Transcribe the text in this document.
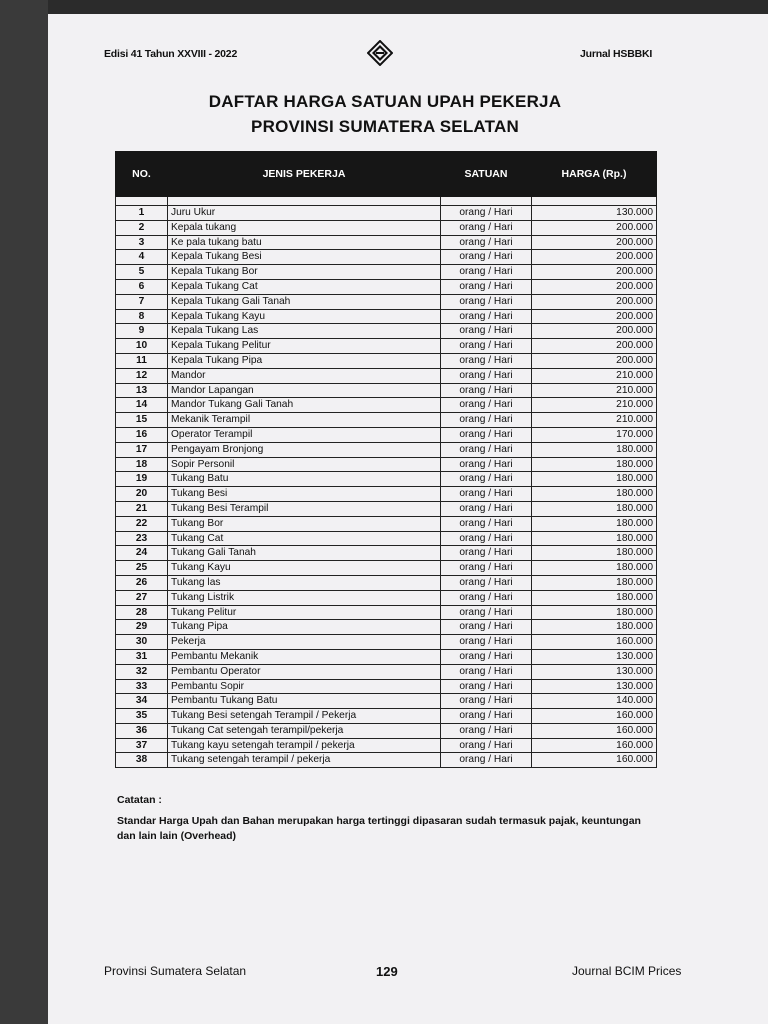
Edisi 41 Tahun XXVIII - 2022	Jurnal HSBBKI
DAFTAR HARGA SATUAN UPAH PEKERJA
PROVINSI SUMATERA SELATAN
NO.	JENIS PEKERJA	SATUAN	HARGA (Rp.)

1	Juru Ukur	orang / Hari	130.000
2	Kepala tukang	orang / Hari	200.000
3	Ke pala tukang batu	orang / Hari	200.000
4	Kepala Tukang Besi	orang / Hari	200.000
5	Kepala Tukang Bor	orang / Hari	200.000
6	Kepala Tukang Cat	orang / Hari	200.000
7	Kepala Tukang Gali Tanah	orang / Hari	200.000
8	Kepala Tukang Kayu	orang / Hari	200.000
9	Kepala Tukang Las	orang / Hari	200.000
10	Kepala Tukang Pelitur	orang / Hari	200.000
11	Kepala Tukang Pipa	orang / Hari	200.000
12	Mandor	orang / Hari	210.000
13	Mandor Lapangan	orang / Hari	210.000
14	Mandor Tukang Gali Tanah	orang / Hari	210.000
15	Mekanik Terampil	orang / Hari	210.000
16	Operator Terampil	orang / Hari	170.000
17	Pengayam Bronjong	orang / Hari	180.000
18	Sopir Personil	orang / Hari	180.000
19	Tukang Batu	orang / Hari	180.000
20	Tukang Besi	orang / Hari	180.000
21	Tukang Besi Terampil	orang / Hari	180.000
22	Tukang Bor	orang / Hari	180.000
23	Tukang Cat	orang / Hari	180.000
24	Tukang Gali Tanah	orang / Hari	180.000
25	Tukang Kayu	orang / Hari	180.000
26	Tukang las	orang / Hari	180.000
27	Tukang Listrik	orang / Hari	180.000
28	Tukang Pelitur	orang / Hari	180.000
29	Tukang Pipa	orang / Hari	180.000
30	Pekerja	orang / Hari	160.000
31	Pembantu Mekanik	orang / Hari	130.000
32	Pembantu Operator	orang / Hari	130.000
33	Pembantu Sopir	orang / Hari	130.000
34	Pembantu Tukang Batu	orang / Hari	140.000
35	Tukang Besi setengah Terampil / Pekerja	orang / Hari	160.000
36	Tukang Cat setengah terampil/pekerja	orang / Hari	160.000
37	Tukang kayu setengah terampil / pekerja	orang / Hari	160.000
38	Tukang setengah terampil / pekerja	orang / Hari	160.000
Catatan :
Standar Harga Upah dan Bahan merupakan harga tertinggi dipasaran sudah termasuk pajak, keuntungan dan lain lain (Overhead)
Provinsi Sumatera Selatan	129	Journal BCIM Prices
